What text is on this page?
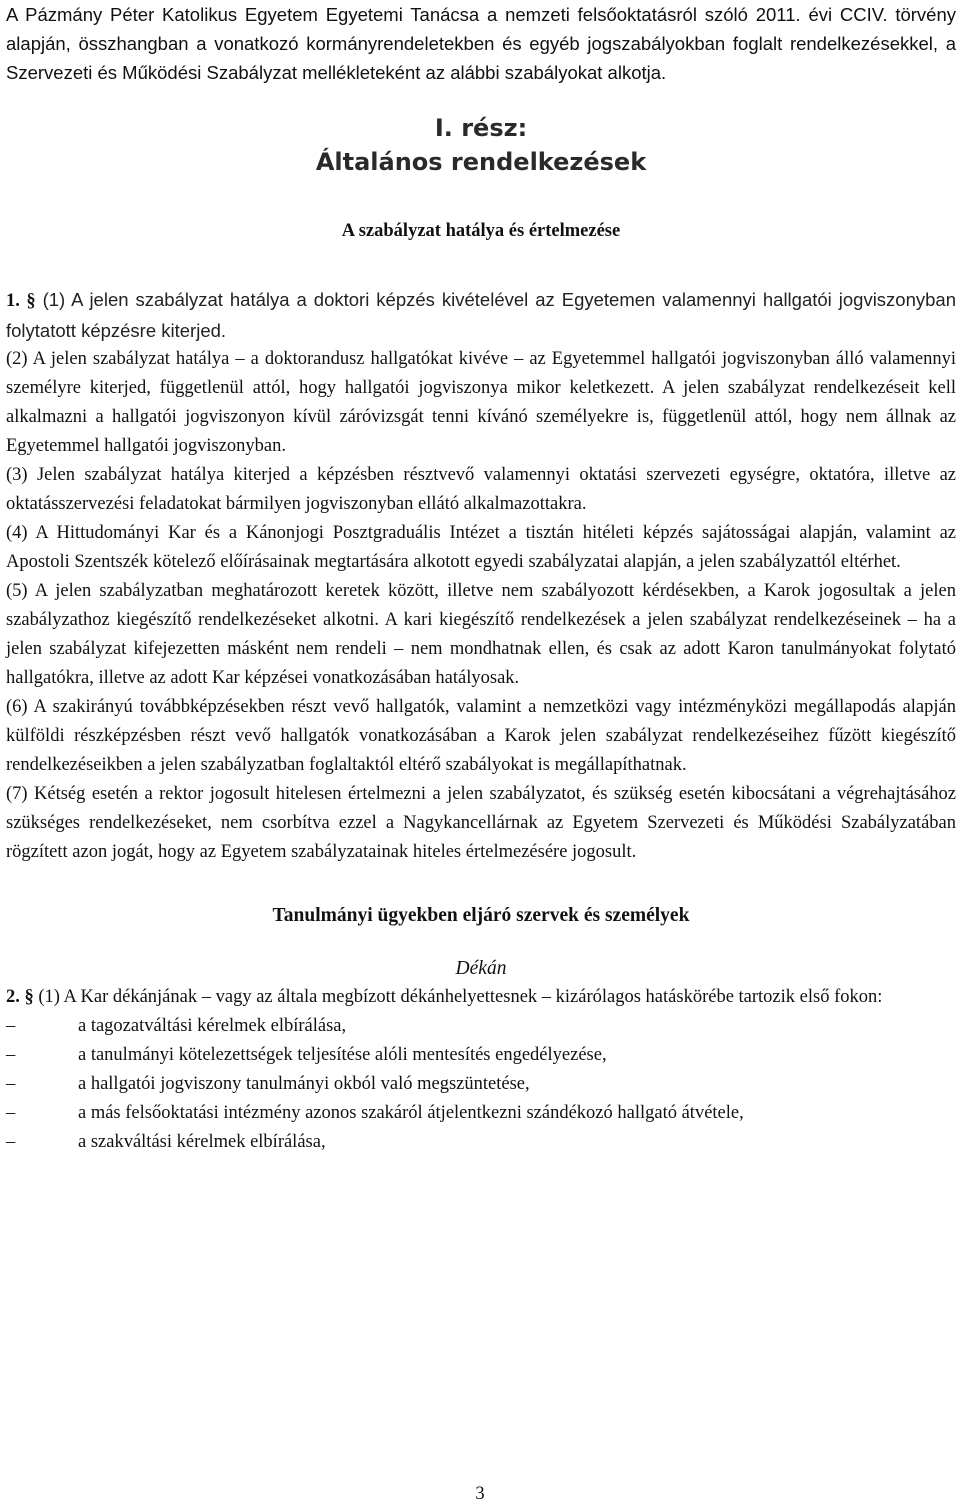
A Pázmány Péter Katolikus Egyetem Egyetemi Tanácsa a nemzeti felsőoktatásról szóló 2011. évi CCIV. törvény alapján, összhangban a vonatkozó kormányrendeletekben és egyéb jogszabályokban foglalt rendelkezésekkel, a Szervezeti és Működési Szabályzat mellékleteként az alábbi szabályokat alkotja.

I. rész:
Általános rendelkezések
A szabályzat hatálya és értelmezése

1. § (1) A jelen szabályzat hatálya a doktori képzés kivételével az Egyetemen valamennyi hallgatói jogviszonyban folytatott képzésre kiterjed.

(2) A jelen szabályzat hatálya ‒ a doktorandusz hallgatókat kivéve ‒ az Egyetemmel hallgatói jogviszonyban álló valamennyi személyre kiterjed, függetlenül attól, hogy hallgatói jogviszonya mikor keletkezett. A jelen szabályzat rendelkezéseit kell alkalmazni a hallgatói jogviszonyon kívül záróvizsgát tenni kívánó személyekre is, függetlenül attól, hogy nem állnak az Egyetemmel hallgatói jogviszonyban.

(3) Jelen szabályzat hatálya kiterjed a képzésben résztvevő valamennyi oktatási szervezeti egységre, oktatóra, illetve az oktatásszervezési feladatokat bármilyen jogviszonyban ellátó alkalmazottakra.

(4) A Hittudományi Kar és a Kánonjogi Posztgraduális Intézet a tisztán hitéleti képzés sajátosságai alapján, valamint az Apostoli Szentszék kötelező előírásainak megtartására alkotott egyedi szabályzatai alapján, a jelen szabályzattól eltérhet.

(5) A jelen szabályzatban meghatározott keretek között, illetve nem szabályozott kérdésekben, a Karok jogosultak a jelen szabályzathoz kiegészítő rendelkezéseket alkotni. A kari kiegészítő rendelkezések a jelen szabályzat rendelkezéseinek ‒ ha a jelen szabályzat kifejezetten másként nem rendeli ‒ nem mondhatnak ellen, és csak az adott Karon tanulmányokat folytató hallgatókra, illetve az adott Kar képzései vonatkozásában hatályosak.

(6) A szakirányú továbbképzésekben részt vevő hallgatók, valamint a nemzetközi vagy intézményközi megállapodás alapján külföldi részképzésben részt vevő hallgatók vonatkozásában a Karok jelen szabályzat rendelkezéseihez fűzött kiegészítő rendelkezéseikben a jelen szabályzatban foglaltaktól eltérő szabályokat is megállapíthatnak.

(7) Kétség esetén a rektor jogosult hitelesen értelmezni a jelen szabályzatot, és szükség esetén kibocsátani a végrehajtásához szükséges rendelkezéseket, nem csorbítva ezzel a Nagykancellárnak az Egyetem Szervezeti és Működési Szabályzatában rögzített azon jogát, hogy az Egyetem szabályzatainak hiteles értelmezésére jogosult.

Tanulmányi ügyekben eljáró szervek és személyek
Dékán

2. § (1) A Kar dékánjának ‒ vagy az általa megbízott dékánhelyettesnek ‒ kizárólagos hatáskörébe tartozik első fokon:

‒	a tagozatváltási kérelmek elbírálása,
‒	a tanulmányi kötelezettségek teljesítése alóli mentesítés engedélyezése,
‒	a hallgatói jogviszony tanulmányi okból való megszüntetése,
‒	a más felsőoktatási intézmény azonos szakáról átjelentkezni szándékozó hallgató átvétele,
‒	a szakváltási kérelmek elbírálása,
3
